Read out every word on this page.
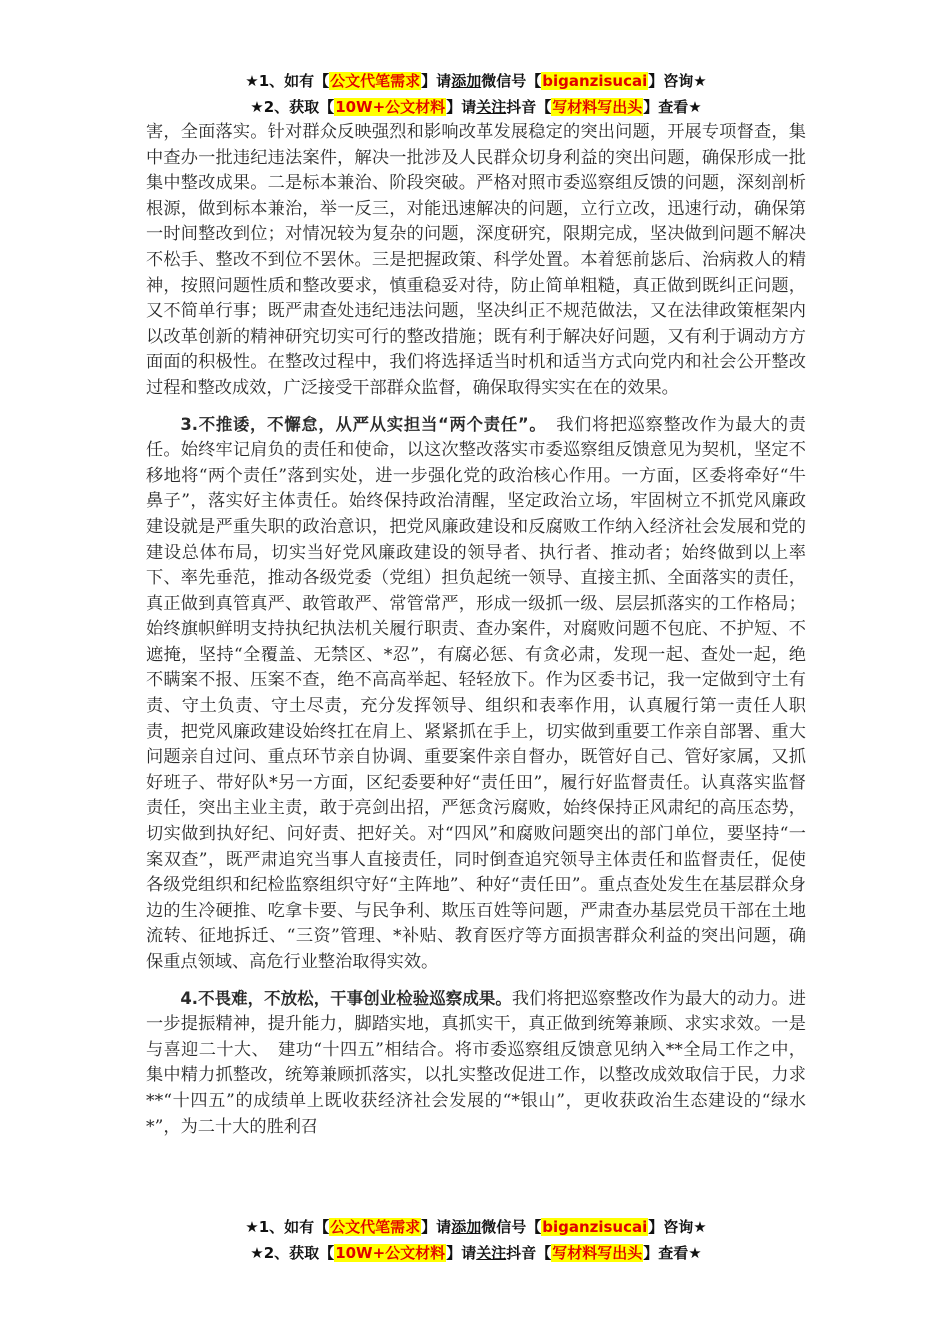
★1、如有【公文代笔需求】请添加微信号【biganzisucai】咨询★
★2、获取【10W+公文材料】请关注抖音【写材料写出头】查看★

害，全面落实。针对群众反映强烈和影响改革发展稳定的突出问题，开展专项督查，集中查办一批违纪违法案件，解决一批涉及人民群众切身利益的突出问题，确保形成一批集中整改成果。二是标本兼治、阶段突破。严格对照市委巡察组反馈的问题，深刻剖析根源，做到标本兼治，举一反三，对能迅速解决的问题，立行立改，迅速行动，确保第一时间整改到位；对情况较为复杂的问题，深度研究，限期完成，坚决做到问题不解决不松手、整改不到位不罢休。三是把握政策、科学处置。本着惩前毖后、治病救人的精神，按照问题性质和整改要求，慎重稳妥对待，防止简单粗糙，真正做到既纠正问题，又不简单行事；既严肃查处违纪违法问题，坚决纠正不规范做法，又在法律政策框架内以改革创新的精神研究切实可行的整改措施；既有利于解决好问题，又有利于调动方方面面的积极性。在整改过程中，我们将选择适当时机和适当方式向党内和社会公开整改过程和整改成效，广泛接受干部群众监督，确保取得实实在在的效果。

3.不推诿，不懈怠，从严从实担当“两个责任”。　我们将把巡察整改作为最大的责任。始终牢记肩负的责任和使命，以这次整改落实市委巡察组反馈意见为契机，坚定不移地将“两个责任”落到实处，进一步强化党的政治核心作用。一方面，区委将牵好“牛鼻子”，落实好主体责任。始终保持政治清醒，坚定政治立场，牢固树立不抓党风廉政建设就是严重失职的政治意识，把党风廉政建设和反腐败工作纳入经济社会发展和党的建设总体布局，切实当好党风廉政建设的领导者、执行者、推动者；始终做到以上率下、率先垂范，推动各级党委（党组）担负起统一领导、直接主抓、全面落实的责任，真正做到真管真严、敢管敢严、常管常严，形成一级抓一级、层层抓落实的工作格局；始终旗帜鲜明支持执纪执法机关履行职责、查办案件，对腐败问题不包庇、不护短、不遮掩，坚持“全覆盖、无禁区、*忍”，有腐必惩、有贪必肃，发现一起、查处一起，绝不瞒案不报、压案不查，绝不高高举起、轻轻放下。作为区委书记，我一定做到守土有责、守土负责、守土尽责，充分发挥领导、组织和表率作用，认真履行第一责任人职责，把党风廉政建设始终扛在肩上、紧紧抓在手上，切实做到重要工作亲自部署、重大问题亲自过问、重点环节亲自协调、重要案件亲自督办，既管好自己、管好家属，又抓好班子、带好队*另一方面，区纪委要种好“责任田”，履行好监督责任。认真落实监督责任，突出主业主责，敢于亮剑出招，严惩贪污腐败，始终保持正风肃纪的高压态势，切实做到执好纪、问好责、把好关。对“四风”和腐败问题突出的部门单位，要坚持“一案双查”，既严肃追究当事人直接责任，同时倒查追究领导主体责任和监督责任，促使各级党组织和纪检监察组织守好“主阵地”、种好“责任田”。重点查处发生在基层群众身边的生冷硬推、吃拿卡要、与民争利、欺压百姓等问题，严肃查办基层党员干部在土地流转、征地拆迁、“三资”管理、*补贴、教育医疗等方面损害群众利益的突出问题，确保重点领域、高危行业整治取得实效。

4.不畏难，不放松，干事创业检验巡察成果。我们将把巡察整改作为最大的动力。进一步提振精神，提升能力，脚踏实地，真抓实干，真正做到统筹兼顾、求实求效。一是与喜迎二十大、　建功“十四五”相结合。将市委巡察组反馈意见纳入**全局工作之中，集中精力抓整改，统筹兼顾抓落实，以扎实整改促进工作，以整改成效取信于民，力求**“十四五”的成绩单上既收获经济社会发展的“*银山”，更收获政治生态建设的“绿水*”，为二十大的胜利召

★1、如有【公文代笔需求】请添加微信号【biganzisucai】咨询★
★2、获取【10W+公文材料】请关注抖音【写材料写出头】查看★
